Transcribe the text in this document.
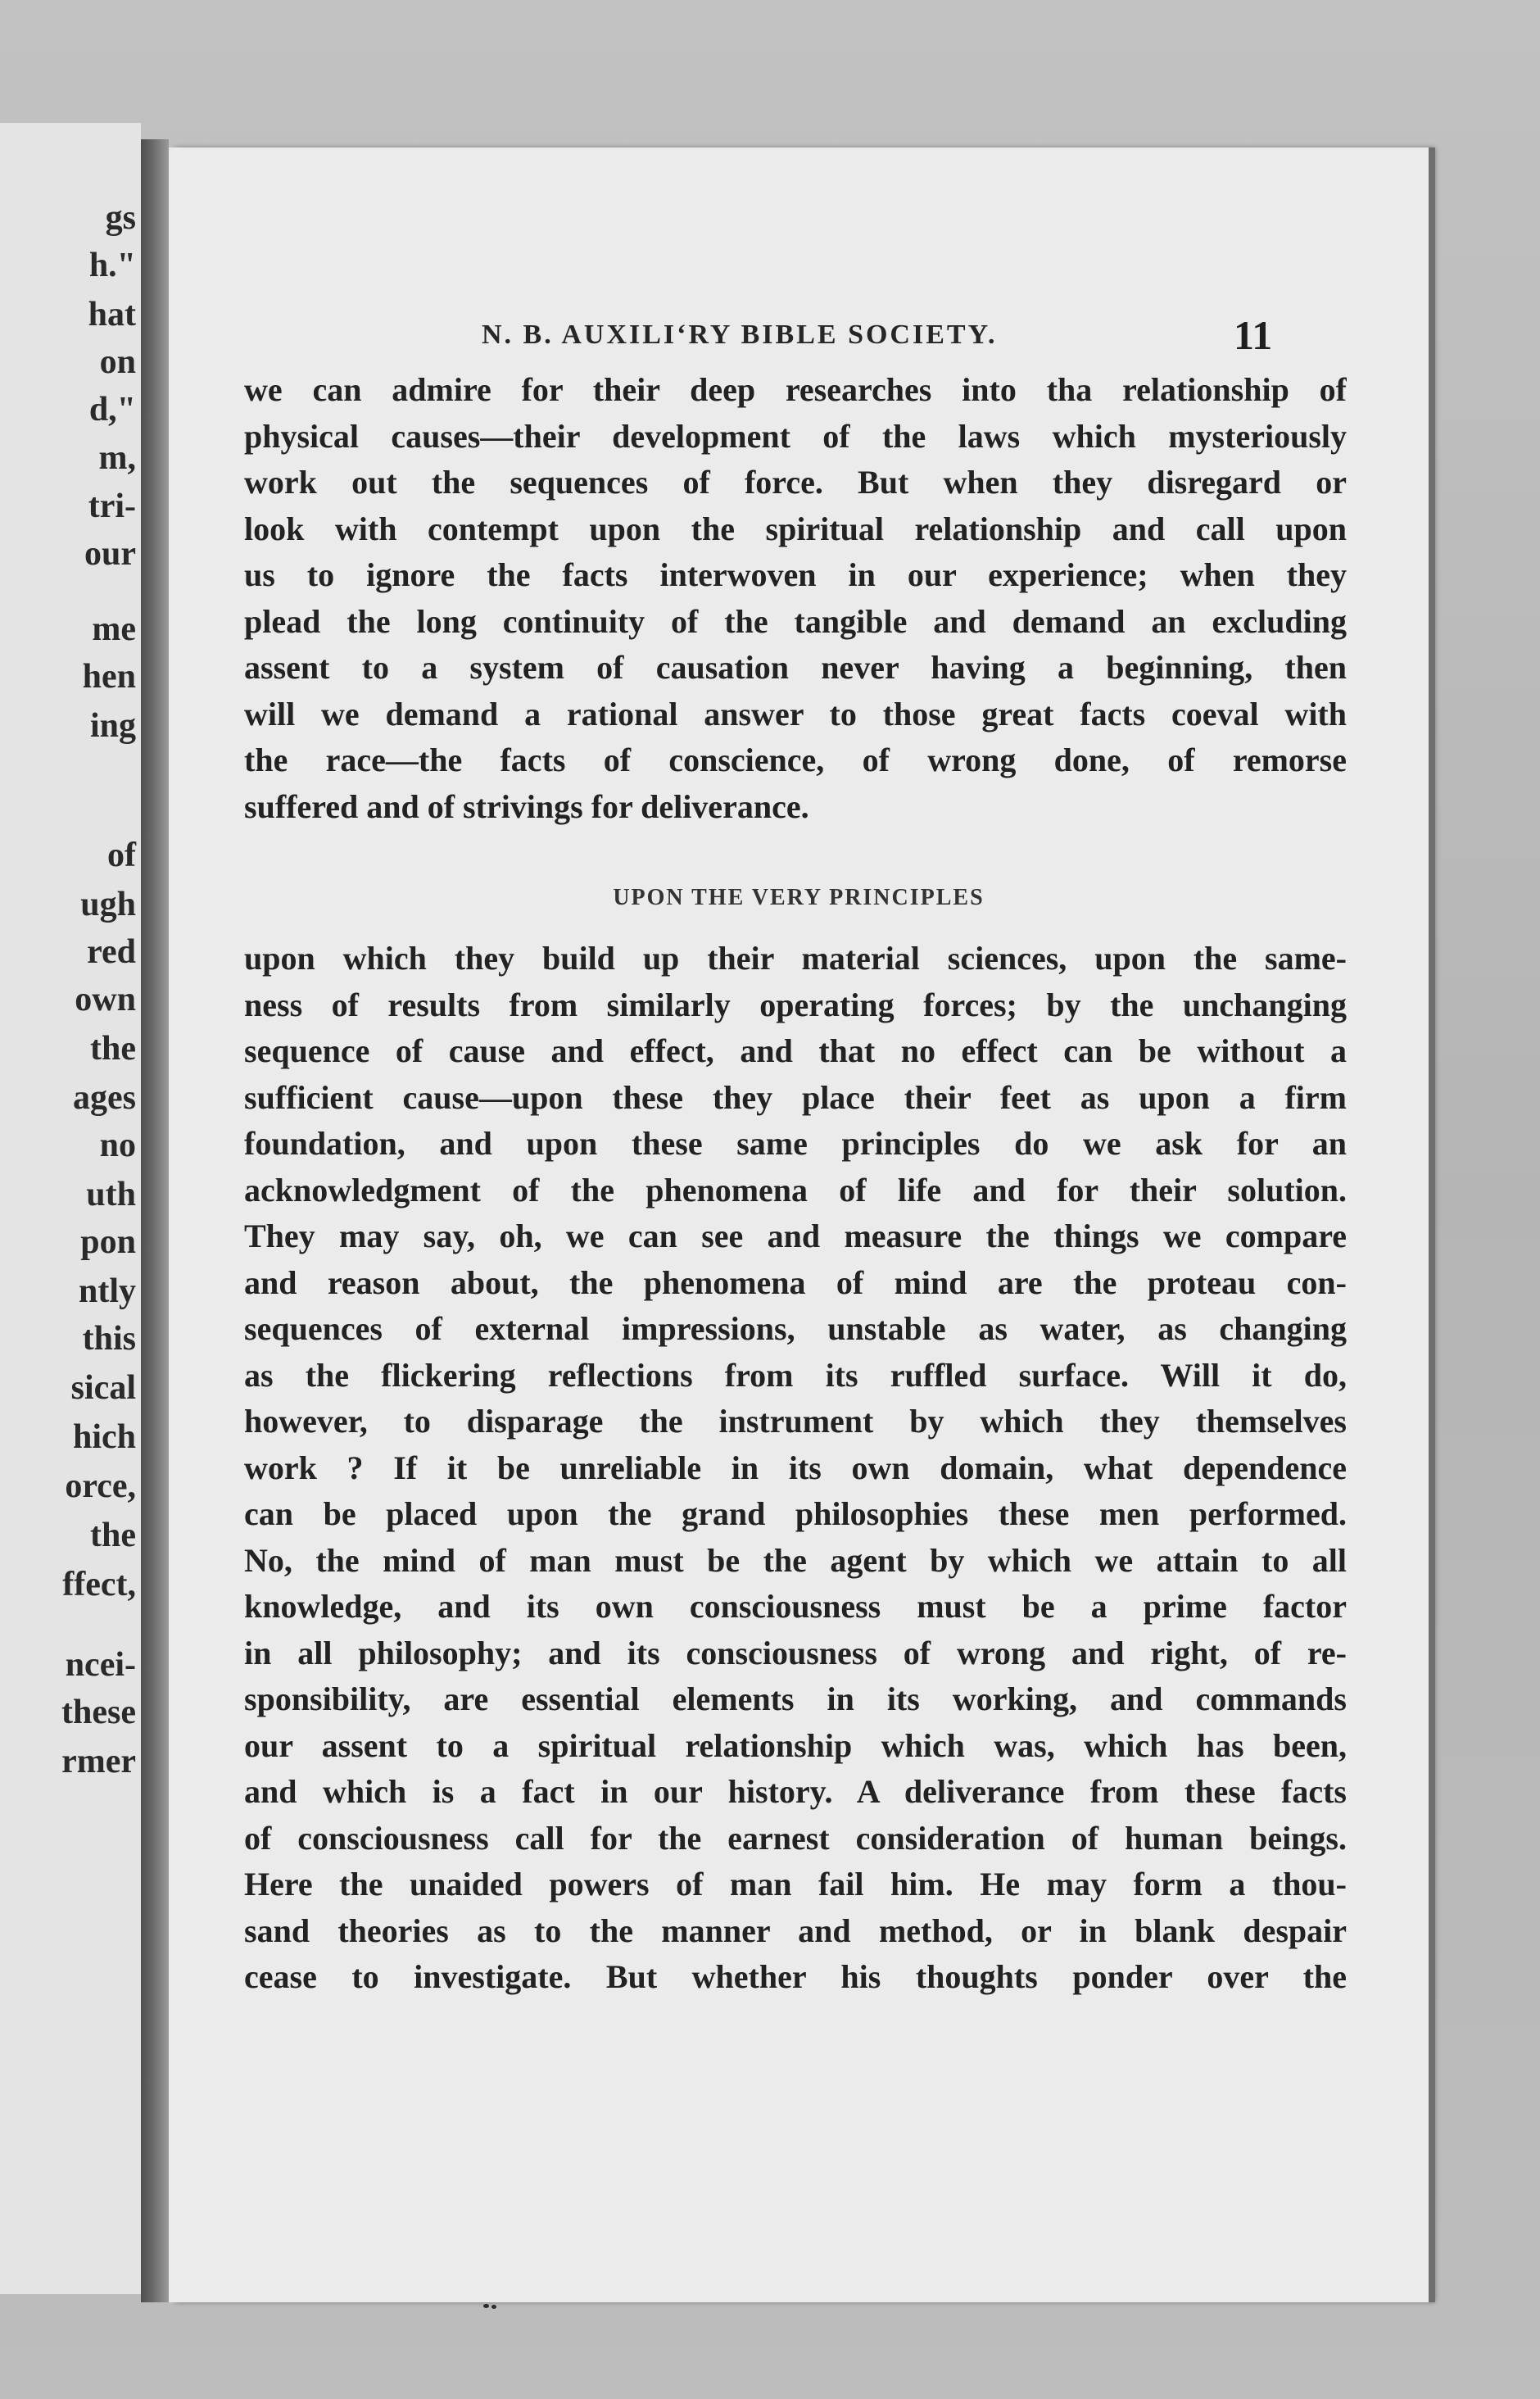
gs
h."
hat
on
d,"
m,
tri-
our
me
hen
ing
of
ugh
red
own
the
ages
no
uth
pon
ntly
this
sical
hich
orce,
the
ffect,
ncei-
these
rmer
N. B. AUXILI‘RY BIBLE SOCIETY.	11
we can admire for their deep researches into tha relationship of
physical causes—their development of the laws which mysteriously
work out the sequences of force. But when they disregard or
look with contempt upon the spiritual relationship and call upon
us to ignore the facts interwoven in our experience; when they
plead the long continuity of the tangible and demand an excluding
assent to a system of causation never having a beginning, then
will we demand a rational answer to those great facts coeval with
the race—the facts of conscience, of wrong done, of remorse
suffered and of strivings for deliverance.
UPON THE VERY PRINCIPLES
upon which they build up their material sciences, upon the same-
ness of results from similarly operating forces; by the unchanging
sequence of cause and effect, and that no effect can be without a
sufficient cause—upon these they place their feet as upon a firm
foundation, and upon these same principles do we ask for an
acknowledgment of the phenomena of life and for their solution.
They may say, oh, we can see and measure the things we compare
and reason about, the phenomena of mind are the proteau con-
sequences of external impressions, unstable as water, as changing
as the flickering reflections from its ruffled surface. Will it do,
however, to disparage the instrument by which they themselves
work ? If it be unreliable in its own domain, what dependence
can be placed upon the grand philosophies these men performed.
No, the mind of man must be the agent by which we attain to all
knowledge, and its own consciousness must be a prime factor
in all philosophy; and its consciousness of wrong and right, of re-
sponsibility, are essential elements in its working, and commands
our assent to a spiritual relationship which was, which has been,
and which is a fact in our history. A deliverance from these facts
of consciousness call for the earnest consideration of human beings.
Here the unaided powers of man fail him. He may form a thou-
sand theories as to the manner and method, or in blank despair
cease to investigate. But whether his thoughts ponder over the
